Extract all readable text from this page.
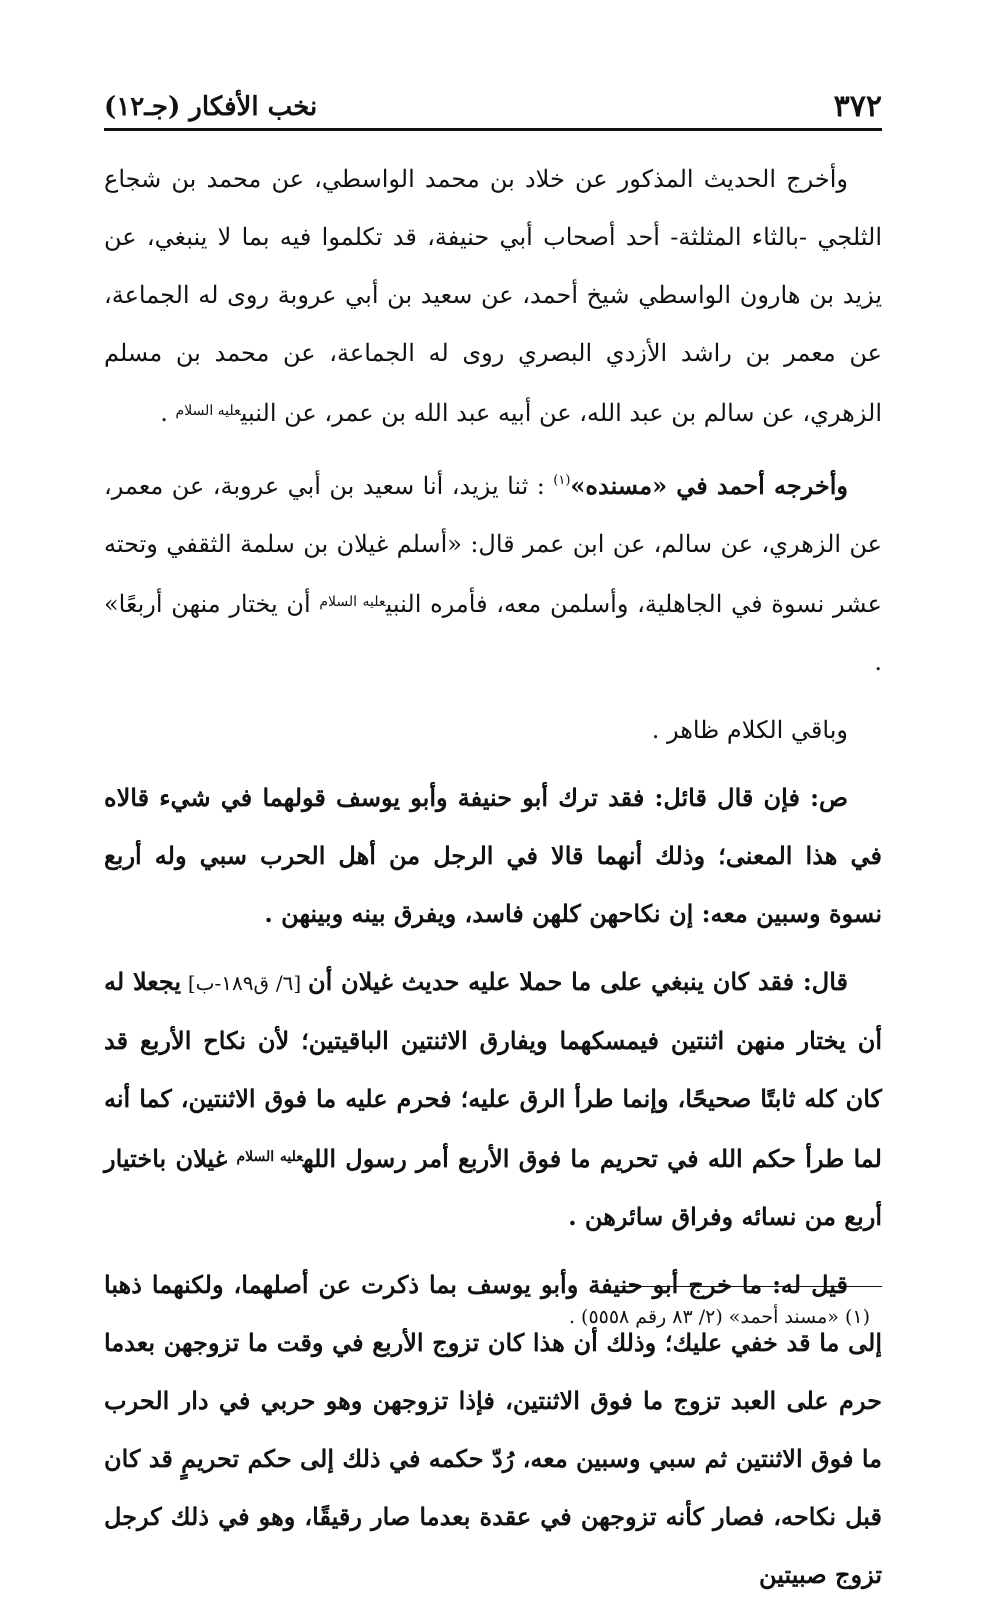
٣٧٢
نخب الأفكار (جـ١٢)

وأخرج الحديث المذكور عن خلاد بن محمد الواسطي، عن محمد بن شجاع الثلجي -بالثاء المثلثة- أحد أصحاب أبي حنيفة، قد تكلموا فيه بما لا ينبغي، عن يزيد بن هارون الواسطي شيخ أحمد، عن سعيد بن أبي عروبة روى له الجماعة، عن معمر بن راشد الأزدي البصري روى له الجماعة، عن محمد بن مسلم الزهري، عن سالم بن عبد الله، عن أبيه عبد الله بن عمر، عن النبي$^{عليه السلام}$ .

وأخرجه أحمد في «مسنده»$^{(١)}$ : ثنا يزيد، أنا سعيد بن أبي عروبة، عن معمر، عن الزهري، عن سالم، عن ابن عمر قال: «أسلم غيلان بن سلمة الثقفي وتحته عشر نسوة في الجاهلية، وأسلمن معه، فأمره النبي$^{عليه السلام}$ أن يختار منهن أربعًا» .

وباقي الكلام ظاهر .

ص: فإن قال قائل: فقد ترك أبو حنيفة وأبو يوسف قولهما في شيء قالاه في هذا المعنى؛ وذلك أنهما قالا في الرجل من أهل الحرب سبي وله أربع نسوة وسبين معه: إن نكاحهن كلهن فاسد، ويفرق بينه وبينهن .

قال: فقد كان ينبغي على ما حملا عليه حديث غيلان أن [٦/ ق١٨٩-ب] يجعلا له أن يختار منهن اثنتين فيمسكهما ويفارق الاثنتين الباقيتين؛ لأن نكاح الأربع قد كان كله ثابتًا صحيحًا، وإنما طرأ الرق عليه؛ فحرم عليه ما فوق الاثنتين، كما أنه لما طرأ حكم الله في تحريم ما فوق الأربع أمر رسول الله$^{عليه السلام}$ غيلان باختيار أربع من نسائه وفراق سائرهن .

قيل له: ما خرج أبو حنيفة وأبو يوسف بما ذكرت عن أصلهما، ولكنهما ذهبا إلى ما قد خفي عليك؛ وذلك أن هذا كان تزوج الأربع في وقت ما تزوجهن بعدما حرم على العبد تزوج ما فوق الاثنتين، فإذا تزوجهن وهو حربي في دار الحرب ما فوق الاثنتين ثم سبي وسبين معه، رُدّ حكمه في ذلك إلى حكم تحريمٍ قد كان قبل نكاحه، فصار كأنه تزوجهن في عقدة بعدما صار رقيقًا، وهو في ذلك كرجل تزوج صبيتين

(١) «مسند أحمد» (٢/ ٨٣ رقم ٥٥٥٨) .
